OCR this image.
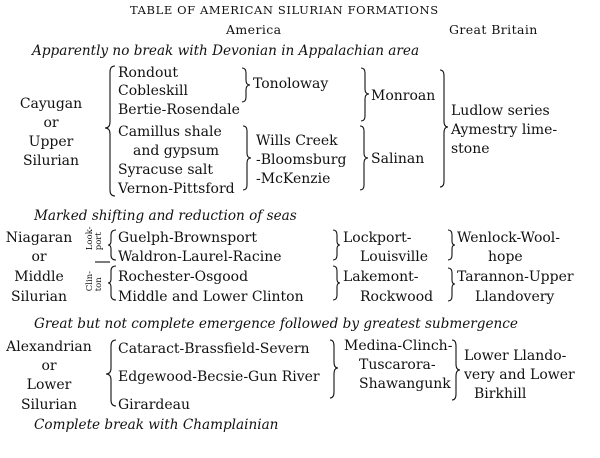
TABLE OF AMERICAN SILURIAN FORMATIONS
America	Great Britain
Apparently no break with Devonian in Appalachian area
Cayugan
or
Upper
Silurian
Rondout
Cobleskill
Bertie-Rosendale
Camillus shale
and gypsum
Syracuse salt
Vernon-Pittsford
Tonoloway
Wills Creek
-Bloomsburg
-McKenzie
Monroan
Salinan
Ludlow series
Aymestry lime-
stone
Marked shifting and reduction of seas
Niagaran
or
Middle
Silurian
Look- port
Clin- ton
Guelph-Brownsport
Waldron-Laurel-Racine
Rochester-Osgood
Middle and Lower Clinton
Lockport-
Louisville
Lakemont-
Rockwood
Wenlock-Wool-
hope
Tarannon-Upper
Llandovery
Great but not complete emergence followed by greatest submergence
Alexandrian
or
Lower
Silurian
Cataract-Brassfield-Severn
Edgewood-Becsie-Gun River
Girardeau
Medina-Clinch-
Tuscarora-
Shawangunk
Lower Llando-
very and Lower
Birkhill
Complete break with Champlainian
